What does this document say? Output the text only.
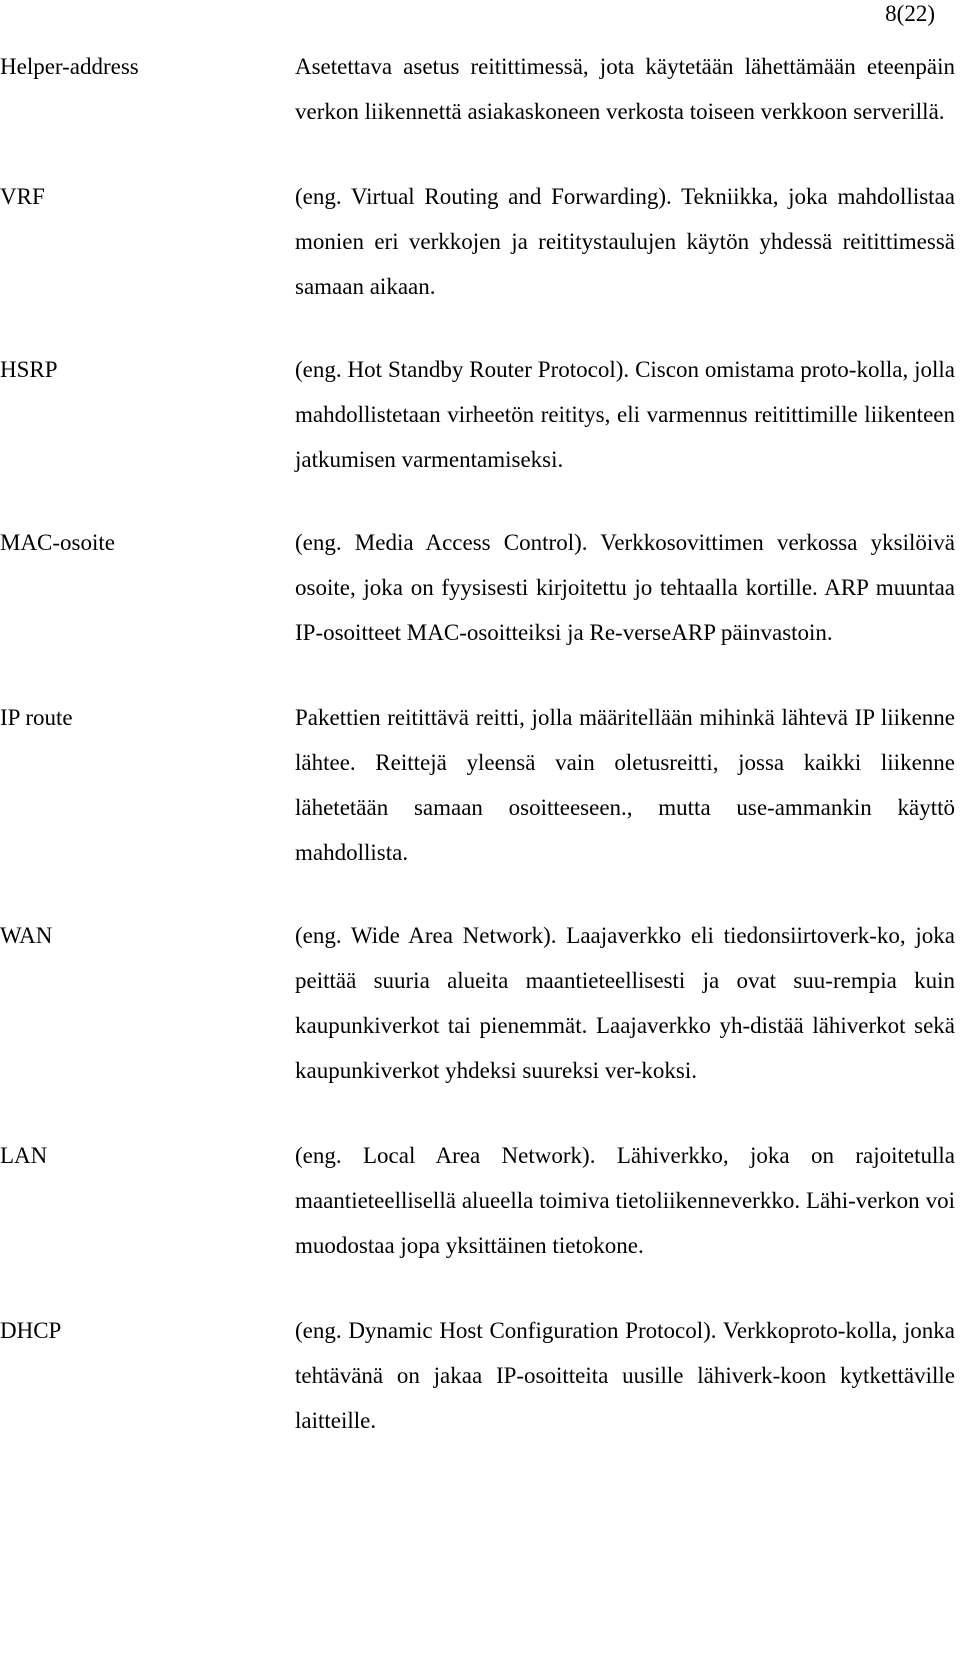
8(22)
Helper-address	Asetettava asetus reitittimessä, jota käytetään lähettämään eteenpäin verkon liikennettä asiakaskoneen verkosta toiseen verkkoon serverillä.
VRF	(eng. Virtual Routing and Forwarding). Tekniikka, joka mahdollistaa monien eri verkkojen ja reititystaulujen käytön yhdessä reitittimessä samaan aikaan.
HSRP	(eng. Hot Standby Router Protocol). Ciscon omistama proto-kolla, jolla mahdollistetaan virheetön reititys, eli varmennus reitittimille liikenteen jatkumisen varmentamiseksi.
MAC-osoite	(eng. Media Access Control). Verkkosovittimen verkossa yksilöivä osoite, joka on fyysisesti kirjoitettu jo tehtaalla kortille. ARP muuntaa IP-osoitteet MAC-osoitteiksi ja Re-verseARP päinvastoin.
IP route	Pakettien reitittävä reitti, jolla määritellään mihinkä lähtevä IP liikenne lähtee. Reittejä yleensä vain oletusreitti, jossa kaikki liikenne lähetetään samaan osoitteeseen., mutta use-ammankin käyttö mahdollista.
WAN	(eng. Wide Area Network). Laajaverkko eli tiedonsiirtoverk-ko, joka peittää suuria alueita maantieteellisesti ja ovat suu-rempia kuin kaupunkiverkot tai pienemmät. Laajaverkko yh-distää lähiverkot sekä kaupunkiverkot yhdeksi suureksi ver-koksi.
LAN	(eng. Local Area Network). Lähiverkko, joka on rajoitetulla maantieteellisellä alueella toimiva tietoliikenneverkko. Lähi-verkon voi muodostaa jopa yksittäinen tietokone.
DHCP	(eng. Dynamic Host Configuration Protocol). Verkkoproto-kolla, jonka tehtävänä on jakaa IP-osoitteita uusille lähiverk-koon kytkettäville laitteille.
